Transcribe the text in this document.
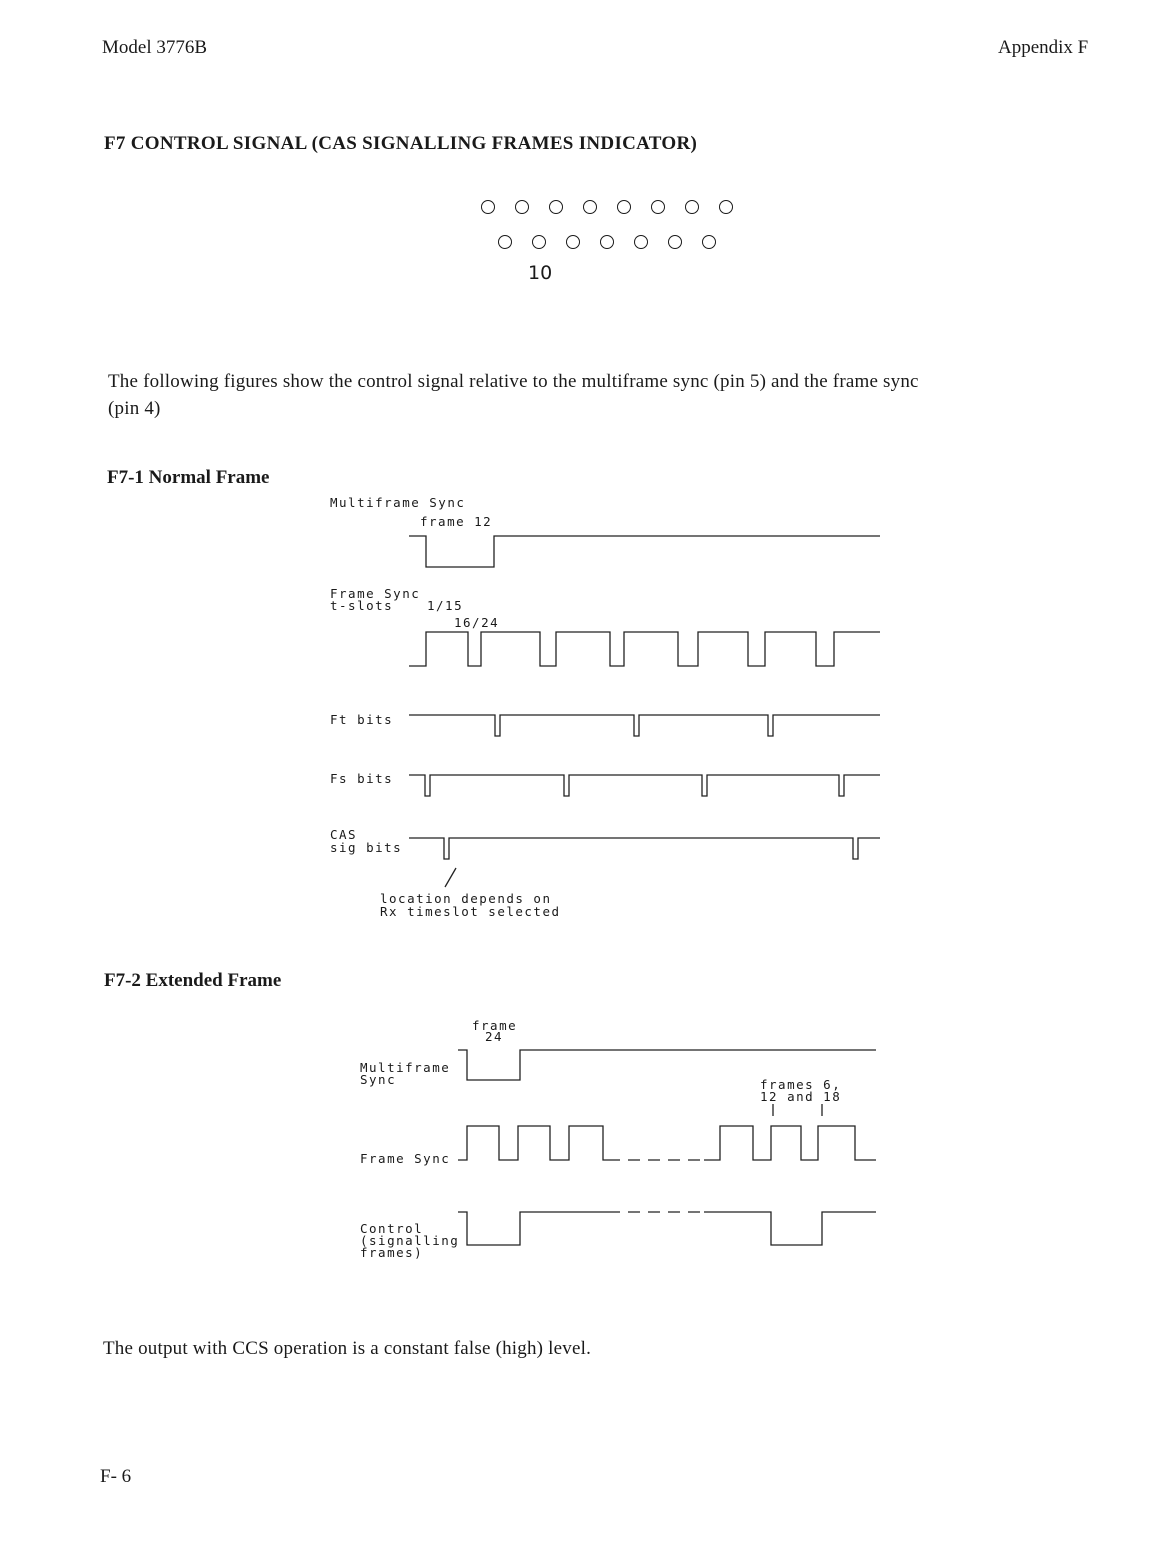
Model 3776B	Appendix F
F7 CONTROL SIGNAL (CAS SIGNALLING FRAMES INDICATOR)
10
The following figures show the control signal relative to the multiframe sync (pin 5) and the frame sync
(pin 4)
F7-1 Normal Frame
Multiframe Sync
frame 12
Frame Sync
t-slots	1/15
16/24
Ft bits
Fs bits
CAS
sig bits
location depends on
Rx timeslot selected
F7-2 Extended Frame
frame
24
Multiframe
Sync	frames 6,
12 and 18
Frame Sync
Control
(signalling
frames)
The output with CCS operation is a constant false (high) level.
F- 6
